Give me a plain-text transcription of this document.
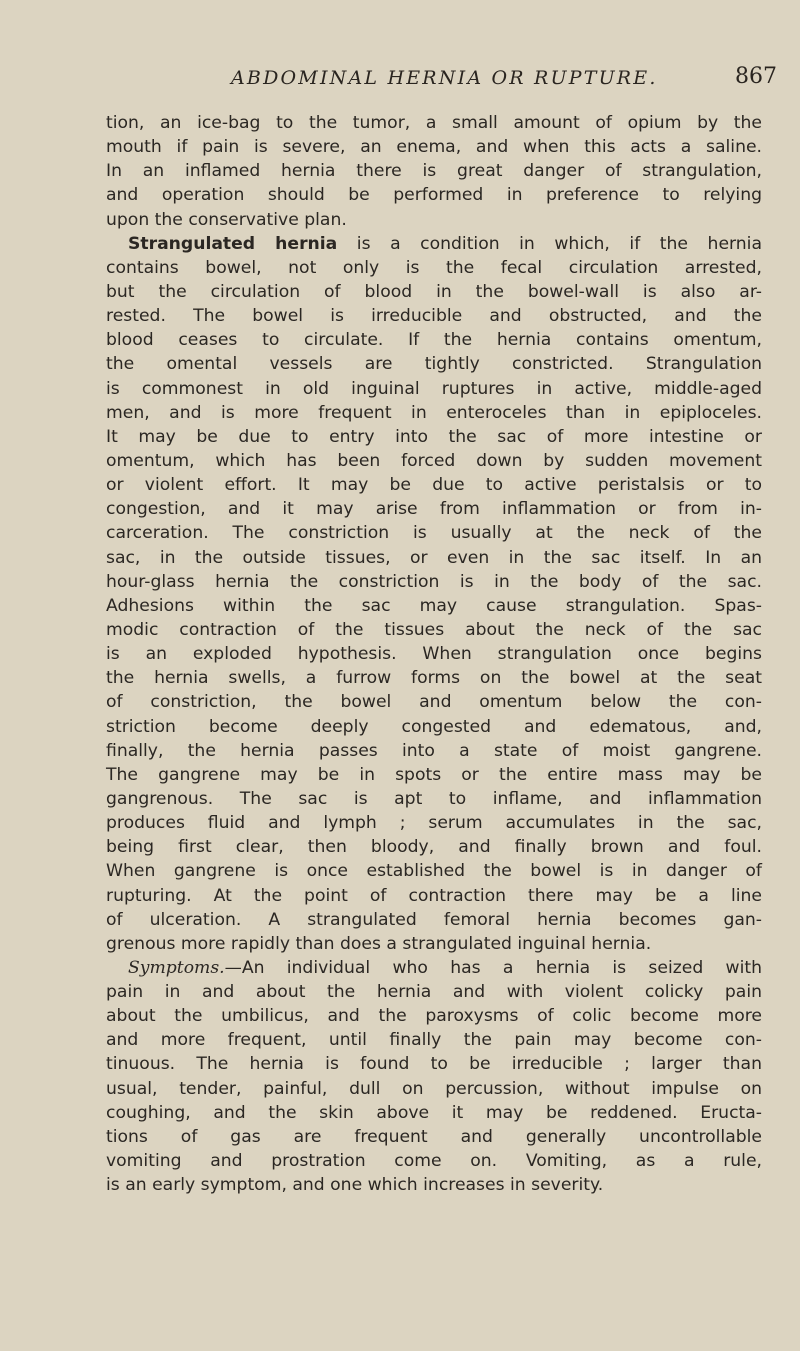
ABDOMINAL HERNIA OR RUPTURE.	867
tion, an ice-bag to the tumor, a small amount of opium by the
mouth if pain is severe, an enema, and when this acts a saline.
In an inflamed hernia there is great danger of strangulation,
and operation should be performed in preference to relying
upon the conservative plan.
Strangulated hernia is a condition in which, if the hernia
contains bowel, not only is the fecal circulation arrested,
but the circulation of blood in the bowel-wall is also ar-
rested. The bowel is irreducible and obstructed, and the
blood ceases to circulate. If the hernia contains omentum,
the omental vessels are tightly constricted. Strangulation
is commonest in old inguinal ruptures in active, middle-aged
men, and is more frequent in enteroceles than in epiploceles.
It may be due to entry into the sac of more intestine or
omentum, which has been forced down by sudden movement
or violent effort. It may be due to active peristalsis or to
congestion, and it may arise from inflammation or from in-
carceration. The constriction is usually at the neck of the
sac, in the outside tissues, or even in the sac itself. In an
hour-glass hernia the constriction is in the body of the sac.
Adhesions within the sac may cause strangulation. Spas-
modic contraction of the tissues about the neck of the sac
is an exploded hypothesis. When strangulation once begins
the hernia swells, a furrow forms on the bowel at the seat
of constriction, the bowel and omentum below the con-
striction become deeply congested and edematous, and,
finally, the hernia passes into a state of moist gangrene.
The gangrene may be in spots or the entire mass may be
gangrenous. The sac is apt to inflame, and inflammation
produces fluid and lymph ; serum accumulates in the sac,
being first clear, then bloody, and finally brown and foul.
When gangrene is once established the bowel is in danger of
rupturing. At the point of contraction there may be a line
of ulceration. A strangulated femoral hernia becomes gan-
grenous more rapidly than does a strangulated inguinal hernia.
Symptoms.—An individual who has a hernia is seized with
pain in and about the hernia and with violent colicky pain
about the umbilicus, and the paroxysms of colic become more
and more frequent, until finally the pain may become con-
tinuous. The hernia is found to be irreducible ; larger than
usual, tender, painful, dull on percussion, without impulse on
coughing, and the skin above it may be reddened. Eructa-
tions of gas are frequent and generally uncontrollable
vomiting and prostration come on. Vomiting, as a rule,
is an early symptom, and one which increases in severity.
